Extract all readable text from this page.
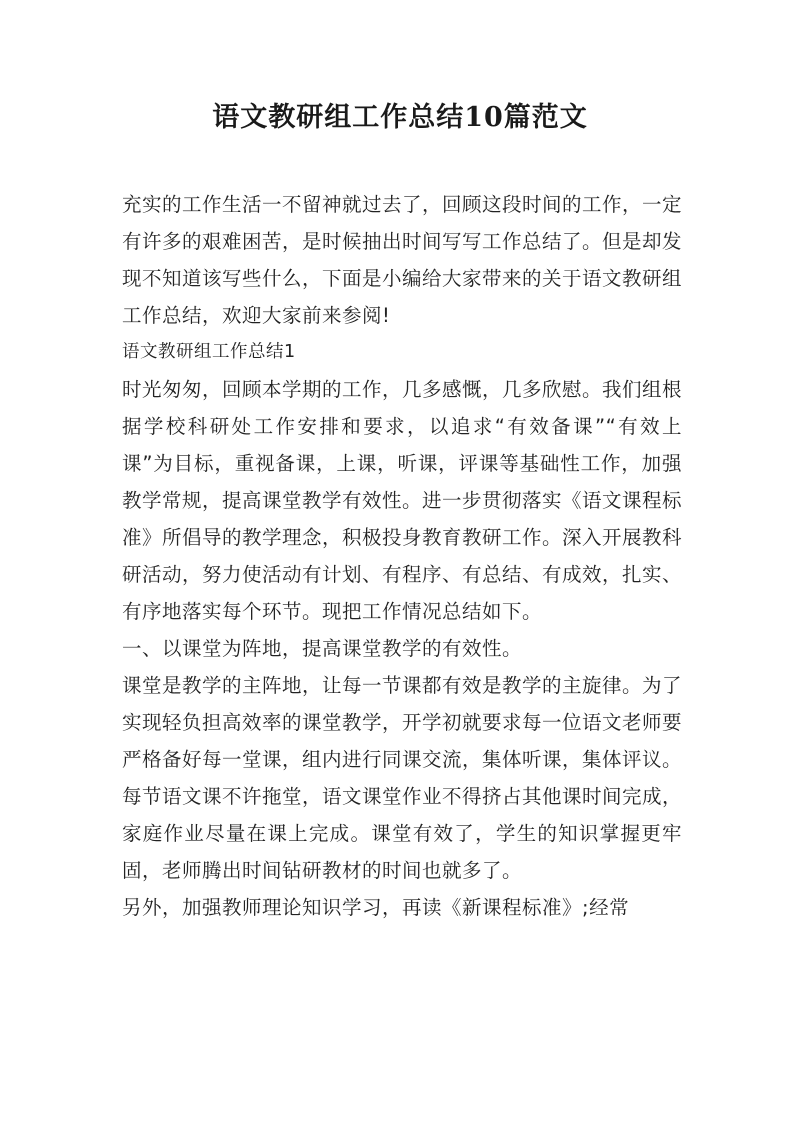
语文教研组工作总结10篇范文

充实的工作生活一不留神就过去了，回顾这段时间的工作，一定有许多的艰难困苦，是时候抽出时间写写工作总结了。但是却发现不知道该写些什么，下面是小编给大家带来的关于语文教研组工作总结，欢迎大家前来参阅!

语文教研组工作总结1

时光匆匆，回顾本学期的工作，几多感慨，几多欣慰。我们组根据学校科研处工作安排和要求，以追求“有效备课”“有效上课”为目标，重视备课，上课，听课，评课等基础性工作，加强教学常规，提高课堂教学有效性。进一步贯彻落实《语文课程标准》所倡导的教学理念，积极投身教育教研工作。深入开展教科研活动，努力使活动有计划、有程序、有总结、有成效，扎实、有序地落实每个环节。现把工作情况总结如下。

一、以课堂为阵地，提高课堂教学的有效性。

课堂是教学的主阵地，让每一节课都有效是教学的主旋律。为了实现轻负担高效率的课堂教学，开学初就要求每一位语文老师要严格备好每一堂课，组内进行同课交流，集体听课，集体评议。每节语文课不许拖堂，语文课堂作业不得挤占其他课时间完成，家庭作业尽量在课上完成。课堂有效了，学生的知识掌握更牢固，老师腾出时间钻研教材的时间也就多了。

另外，加强教师理论知识学习，再读《新课程标准》;经常
